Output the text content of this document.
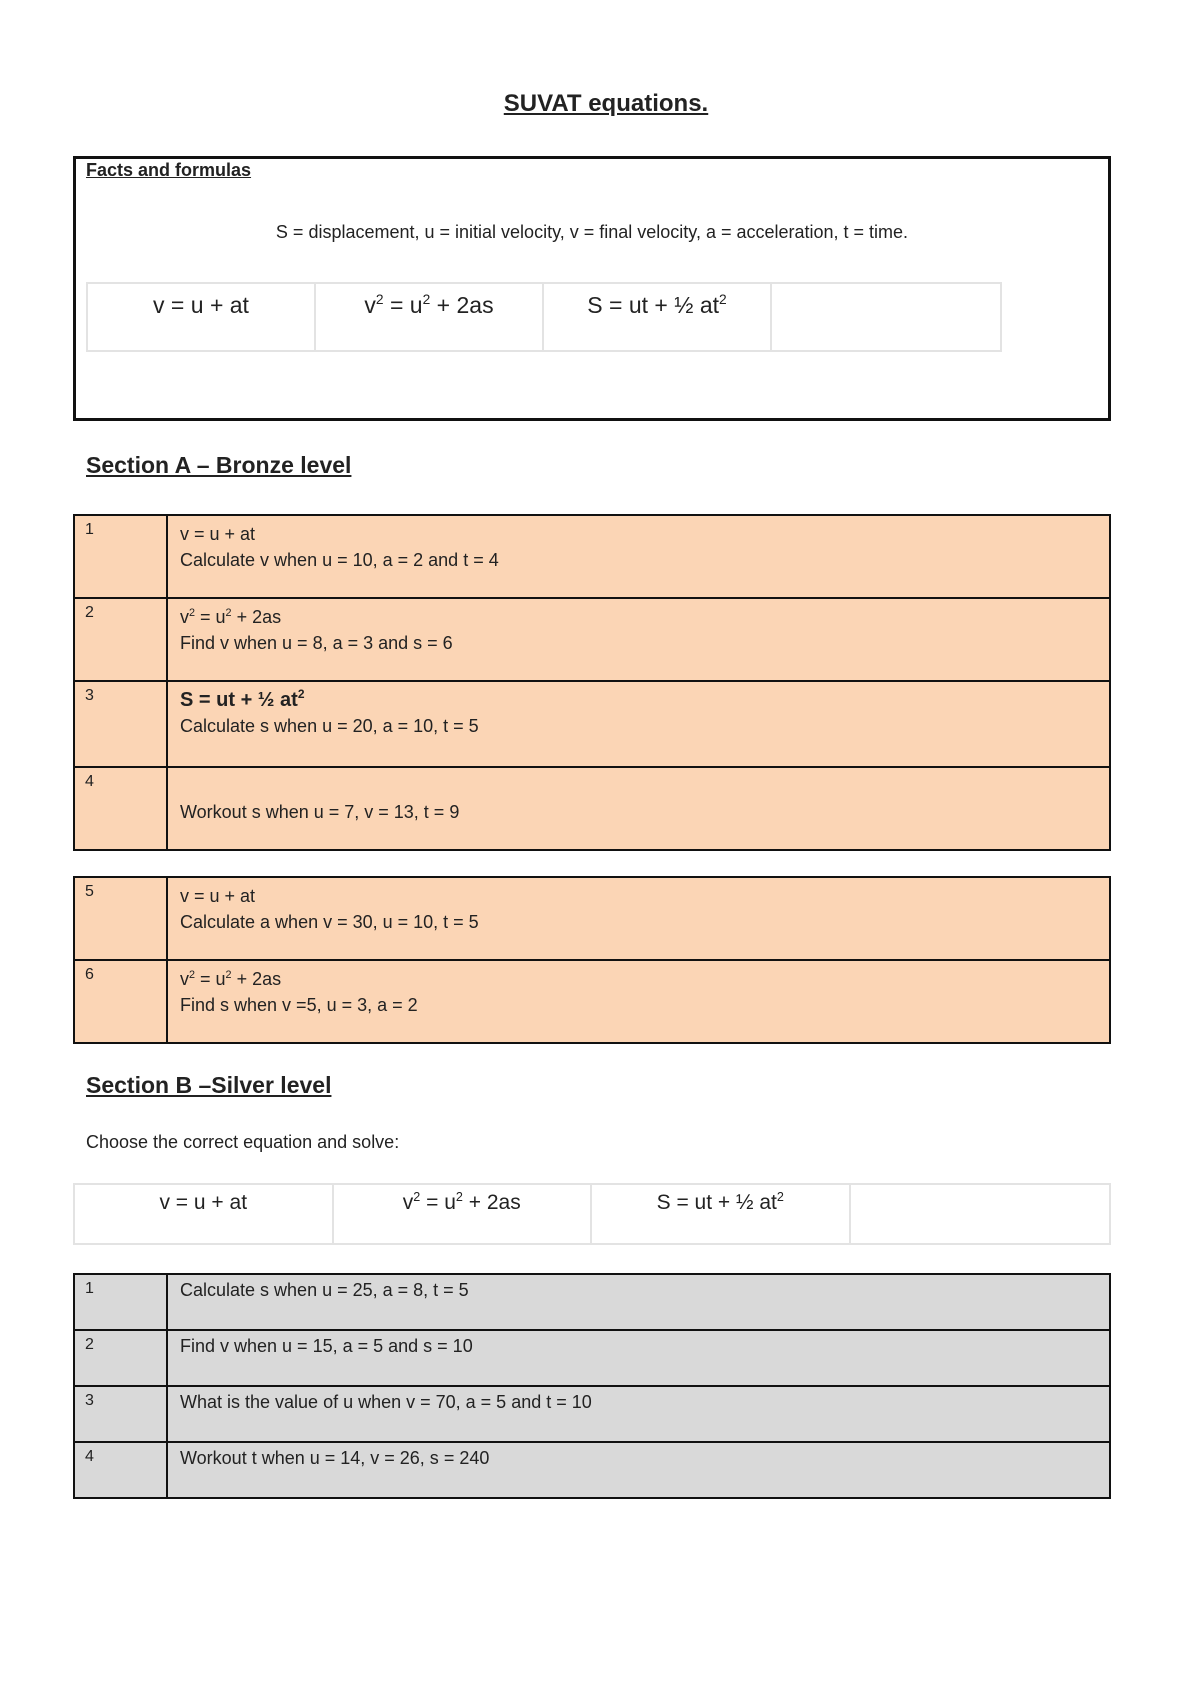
SUVAT equations.
Facts and formulas
S = displacement, u = initial velocity, v = final velocity, a = acceleration, t = time.
v = u + at	$v^2 = u^2 + 2as$	S = ut + ½ $at^2$
Section A – Bronze level
1	v = u + at
Calculate v when u = 10, a = 2 and t = 4

2	$v^2 = u^2 + 2as$
Find v when u = 8, a = 3 and s = 6

3	S = ut + ½ $at^2$
Calculate s when u = 20, a = 10, t = 5

4	Workout s when u = 7, v = 13, t = 9
5	v = u + at
Calculate a when v = 30, u = 10, t = 5

6	$v^2 = u^2 + 2as$
Find s when v =5, u = 3, a = 2
Section B –Silver level
Choose the correct equation and solve:
v = u + at	$v^2 = u^2 + 2as$	S = ut + ½ $at^2$
1	Calculate s when u = 25, a = 8, t = 5
2	Find v when u = 15, a = 5 and s = 10
3	What is the value of u when v = 70, a = 5 and t = 10
4	Workout t when u = 14, v = 26, s = 240
